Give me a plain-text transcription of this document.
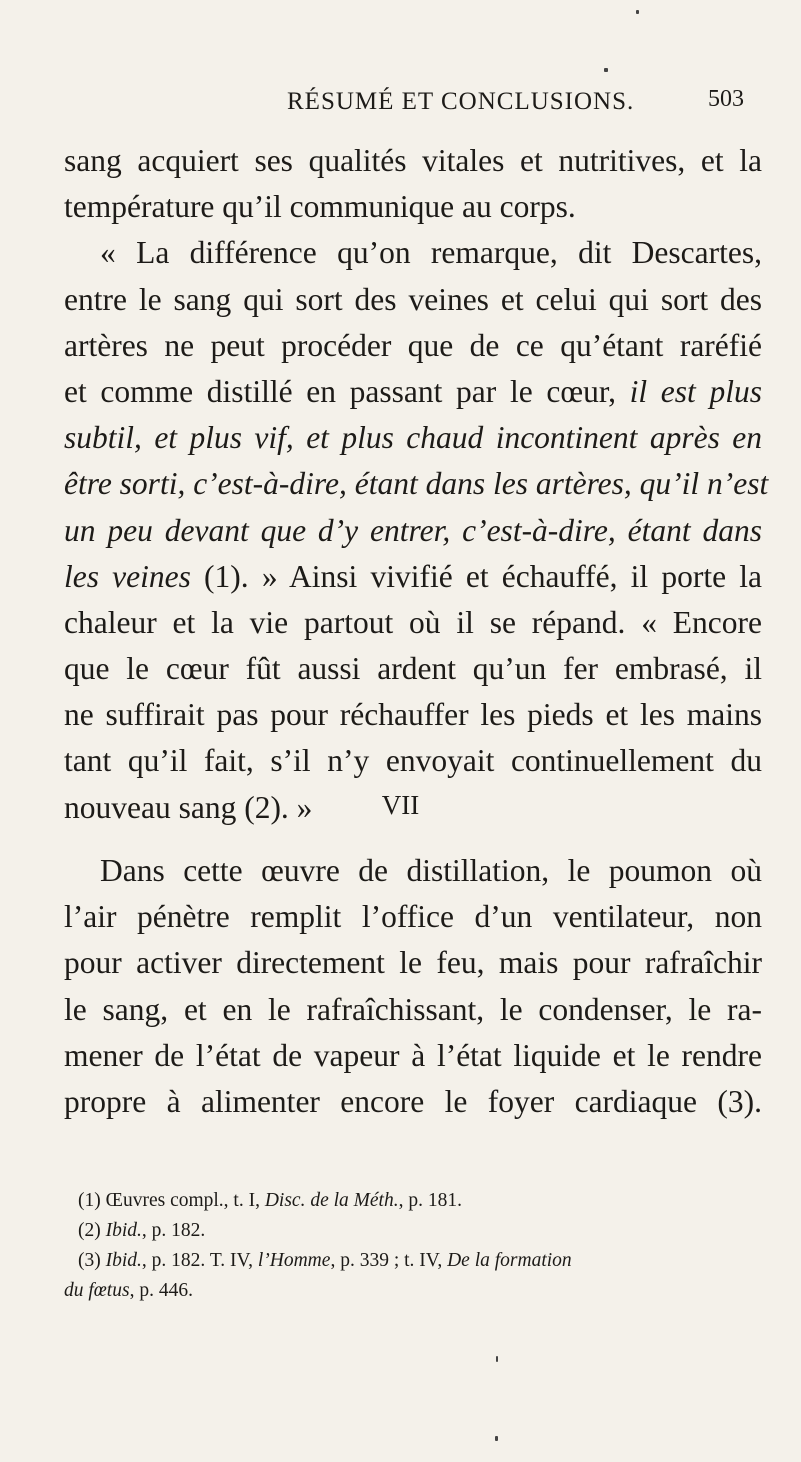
RÉSUMÉ ET CONCLUSIONS.	503
sang acquiert ses qualités vitales et nutritives, et la
température qu’il communique au corps.
« La différence qu’on remarque, dit Descartes,
entre le sang qui sort des veines et celui qui sort des
artères ne peut procéder que de ce qu’étant raréfié
et comme distillé en passant par le cœur, il est plus
subtil, et plus vif, et plus chaud incontinent après en
être sorti, c’est-à-dire, étant dans les artères, qu’il n’est
un peu devant que d’y entrer, c’est-à-dire, étant dans
les veines (1). » Ainsi vivifié et échauffé, il porte la
chaleur et la vie partout où il se répand. « Encore
que le cœur fût aussi ardent qu’un fer embrasé, il
ne suffirait pas pour réchauffer les pieds et les mains
tant qu’il fait, s’il n’y envoyait continuellement du
nouveau sang (2). »	VII
Dans cette œuvre de distillation, le poumon où
l’air pénètre remplit l’office d’un ventilateur, non
pour activer directement le feu, mais pour rafraîchir
le sang, et en le rafraîchissant, le condenser, le ra-
mener de l’état de vapeur à l’état liquide et le rendre
propre à alimenter encore le foyer cardiaque (3).
(1) Œuvres compl., t. I, Disc. de la Méth., p. 181.
(2) Ibid., p. 182.
(3) Ibid., p. 182. T. IV, l’Homme, p. 339 ; t. IV, De la formation
du fœtus, p. 446.
